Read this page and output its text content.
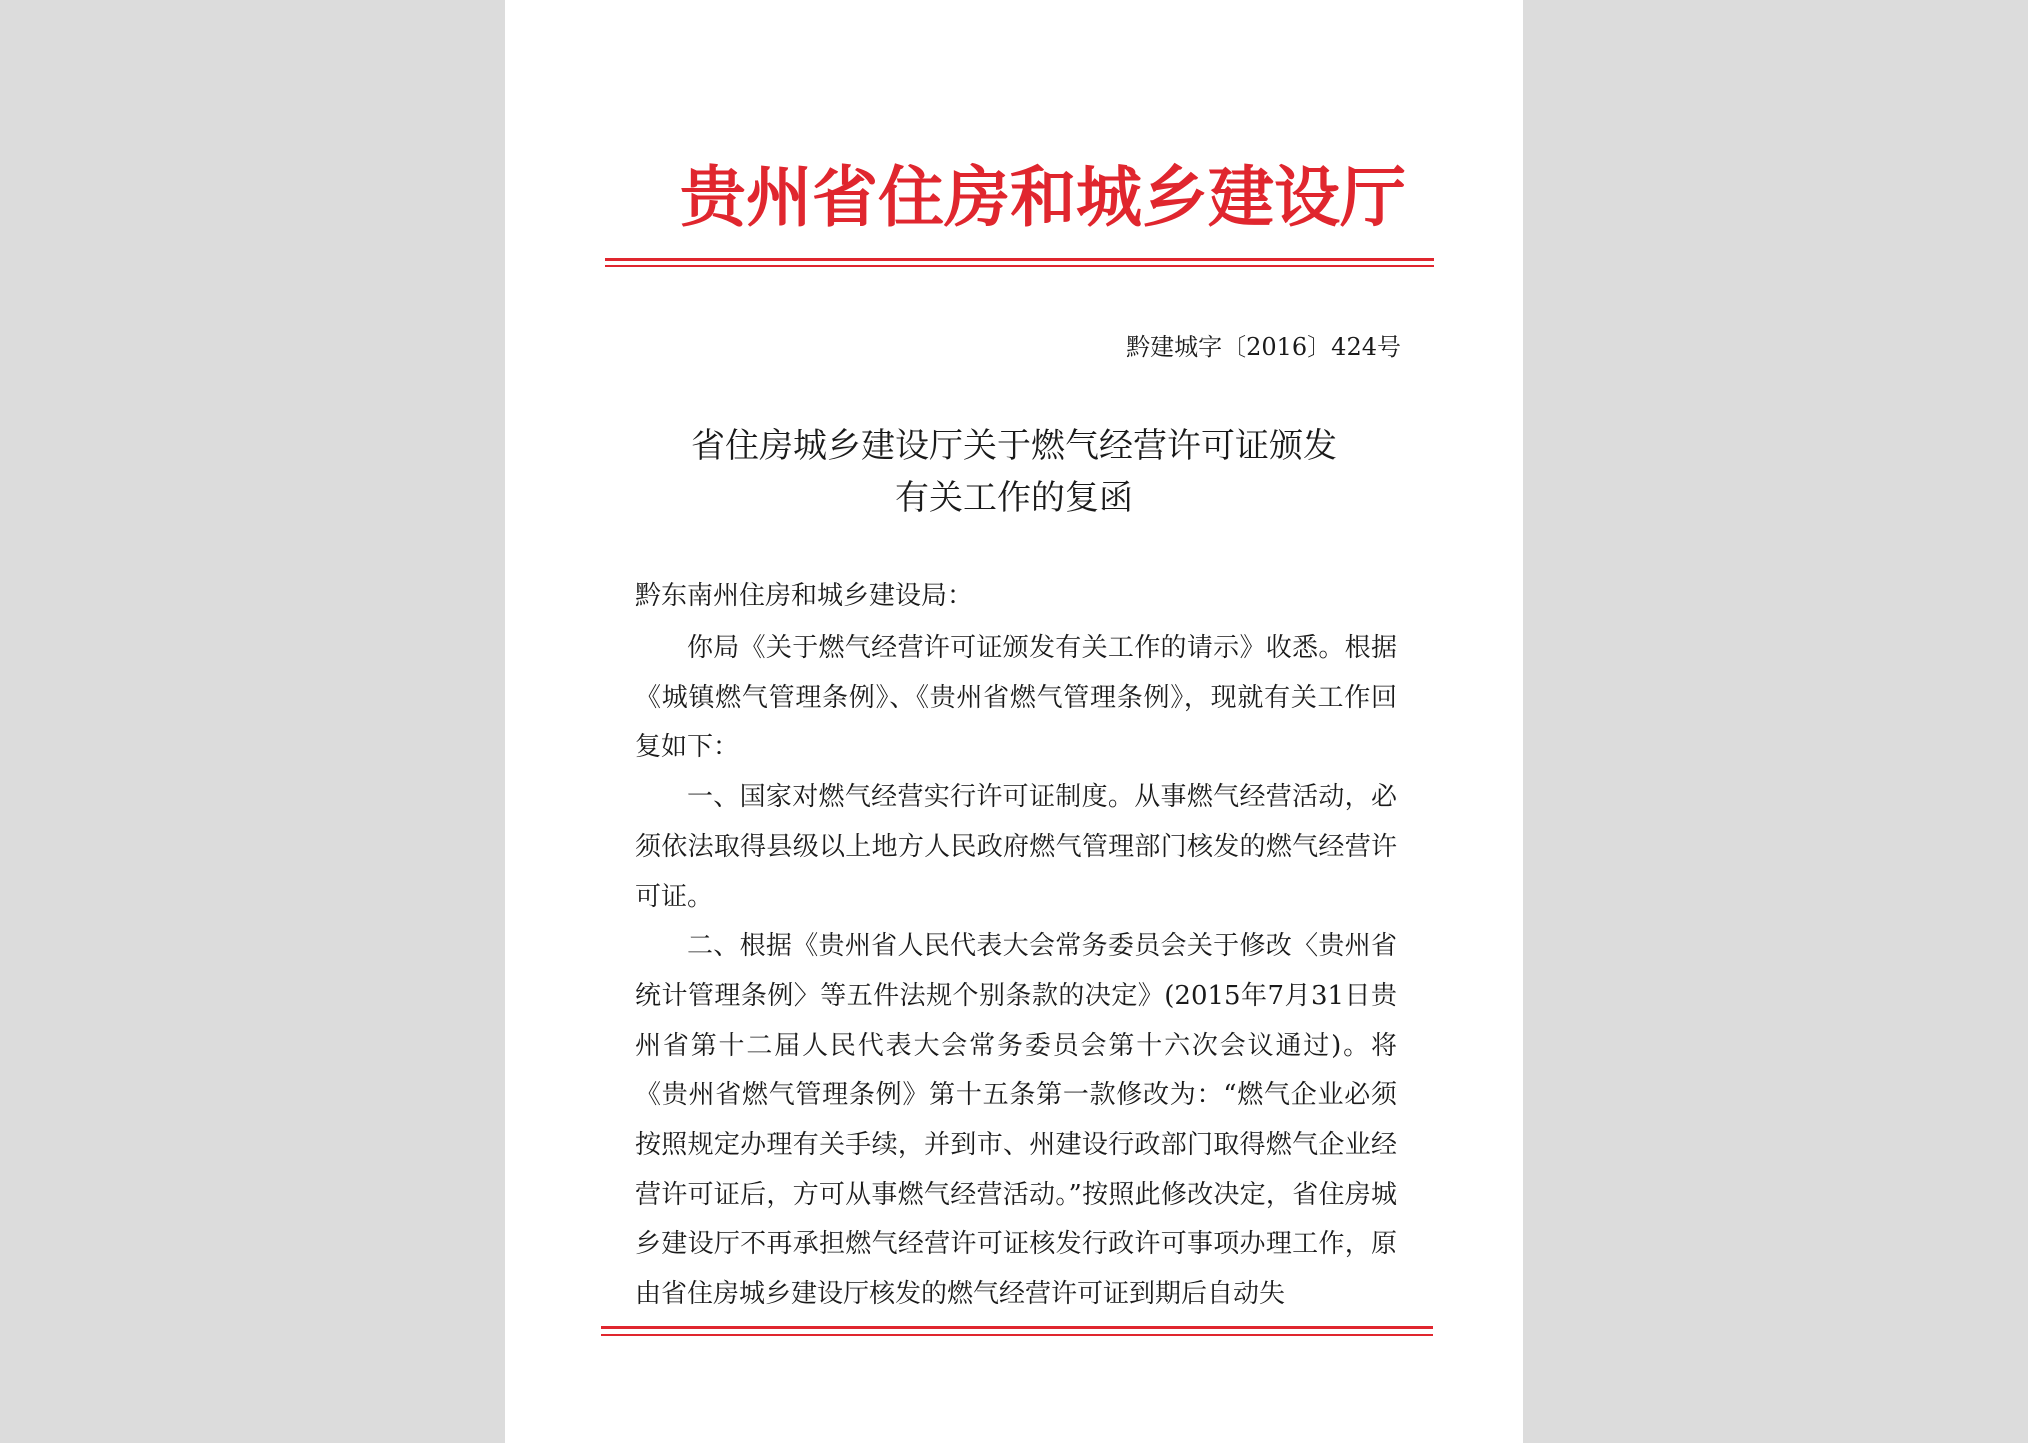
贵州省住房和城乡建设厅
黔建城字〔2016〕424号
省住房城乡建设厅关于燃气经营许可证颁发
有关工作的复函
黔东南州住房和城乡建设局：

你局《关于燃气经营许可证颁发有关工作的请示》收悉。根据《城镇燃气管理条例》、《贵州省燃气管理条例》，现就有关工作回复如下：

一、国家对燃气经营实行许可证制度。从事燃气经营活动，必须依法取得县级以上地方人民政府燃气管理部门核发的燃气经营许可证。

二、根据《贵州省人民代表大会常务委员会关于修改〈贵州省统计管理条例〉等五件法规个别条款的决定》(2015年7月31日贵州省第十二届人民代表大会常务委员会第十六次会议通过)。将《贵州省燃气管理条例》第十五条第一款修改为：“燃气企业必须按照规定办理有关手续，并到市、州建设行政部门取得燃气企业经营许可证后，方可从事燃气经营活动。”按照此修改决定，省住房城乡建设厅不再承担燃气经营许可证核发行政许可事项办理工作，原由省住房城乡建设厅核发的燃气经营许可证到期后自动失
